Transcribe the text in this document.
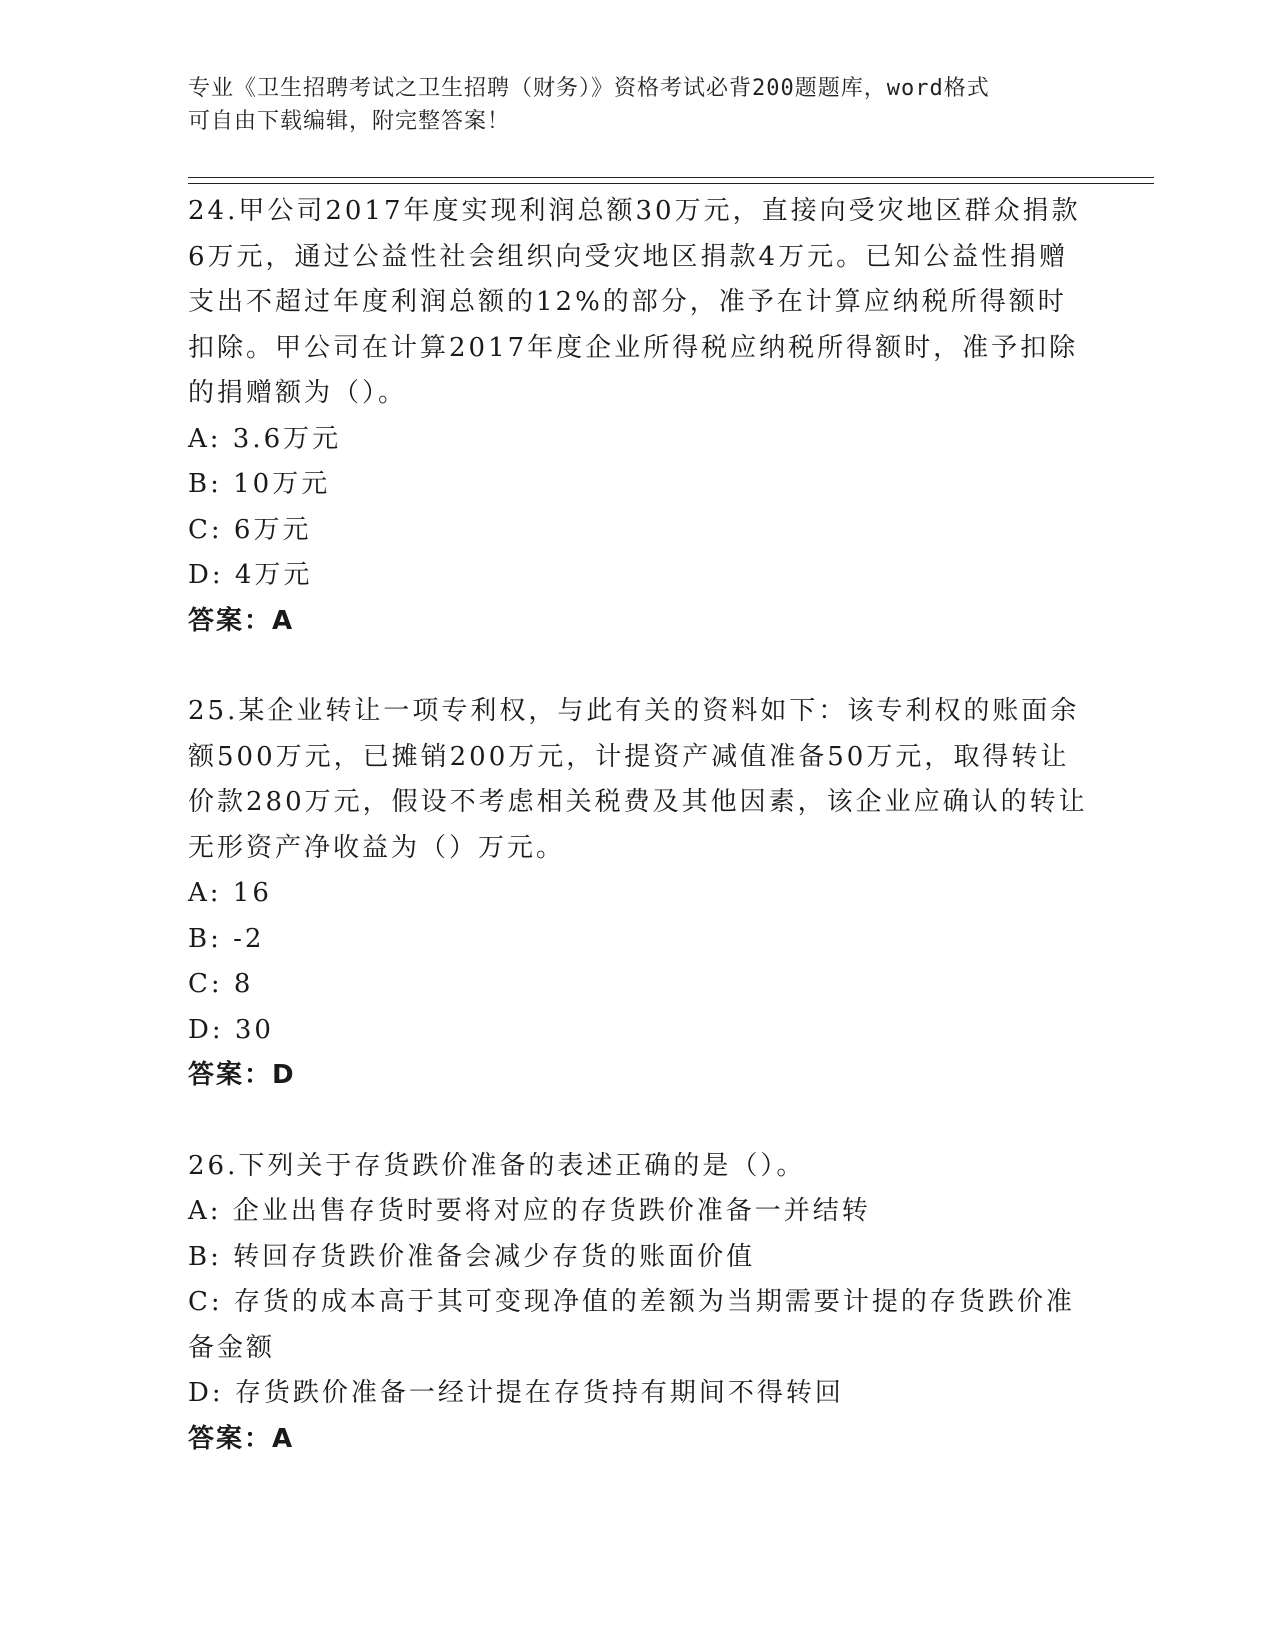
专业《卫生招聘考试之卫生招聘（财务）》资格考试必背200题题库，word格式
可自由下载编辑，附完整答案！

24.甲公司2017年度实现利润总额30万元，直接向受灾地区群众捐款6万元，通过公益性社会组织向受灾地区捐款4万元。已知公益性捐赠支出不超过年度利润总额的12%的部分，准予在计算应纳税所得额时扣除。甲公司在计算2017年度企业所得税应纳税所得额时，准予扣除的捐赠额为（）。

A: 3.6万元

B: 10万元

C: 6万元

D: 4万元

答案：A

25.某企业转让一项专利权，与此有关的资料如下：该专利权的账面余额500万元，已摊销200万元，计提资产减值准备50万元，取得转让价款280万元，假设不考虑相关税费及其他因素，该企业应确认的转让无形资产净收益为（）万元。

A: 16

B: -2

C: 8

D: 30

答案：D

26.下列关于存货跌价准备的表述正确的是（）。

A: 企业出售存货时要将对应的存货跌价准备一并结转

B: 转回存货跌价准备会减少存货的账面价值

C: 存货的成本高于其可变现净值的差额为当期需要计提的存货跌价准备金额

D: 存货跌价准备一经计提在存货持有期间不得转回

答案：A
